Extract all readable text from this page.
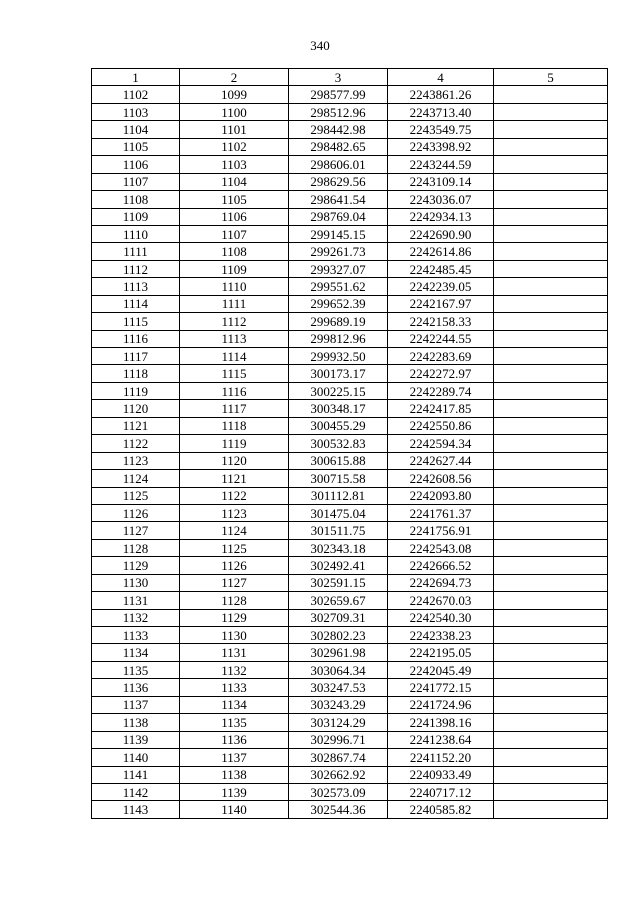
340
1	2	3	4	5
1102	1099	298577.99	2243861.26	
1103	1100	298512.96	2243713.40	
1104	1101	298442.98	2243549.75	
1105	1102	298482.65	2243398.92	
1106	1103	298606.01	2243244.59	
1107	1104	298629.56	2243109.14	
1108	1105	298641.54	2243036.07	
1109	1106	298769.04	2242934.13	
1110	1107	299145.15	2242690.90	
1111	1108	299261.73	2242614.86	
1112	1109	299327.07	2242485.45	
1113	1110	299551.62	2242239.05	
1114	1111	299652.39	2242167.97	
1115	1112	299689.19	2242158.33	
1116	1113	299812.96	2242244.55	
1117	1114	299932.50	2242283.69	
1118	1115	300173.17	2242272.97	
1119	1116	300225.15	2242289.74	
1120	1117	300348.17	2242417.85	
1121	1118	300455.29	2242550.86	
1122	1119	300532.83	2242594.34	
1123	1120	300615.88	2242627.44	
1124	1121	300715.58	2242608.56	
1125	1122	301112.81	2242093.80	
1126	1123	301475.04	2241761.37	
1127	1124	301511.75	2241756.91	
1128	1125	302343.18	2242543.08	
1129	1126	302492.41	2242666.52	
1130	1127	302591.15	2242694.73	
1131	1128	302659.67	2242670.03	
1132	1129	302709.31	2242540.30	
1133	1130	302802.23	2242338.23	
1134	1131	302961.98	2242195.05	
1135	1132	303064.34	2242045.49	
1136	1133	303247.53	2241772.15	
1137	1134	303243.29	2241724.96	
1138	1135	303124.29	2241398.16	
1139	1136	302996.71	2241238.64	
1140	1137	302867.74	2241152.20	
1141	1138	302662.92	2240933.49	
1142	1139	302573.09	2240717.12	
1143	1140	302544.36	2240585.82	
